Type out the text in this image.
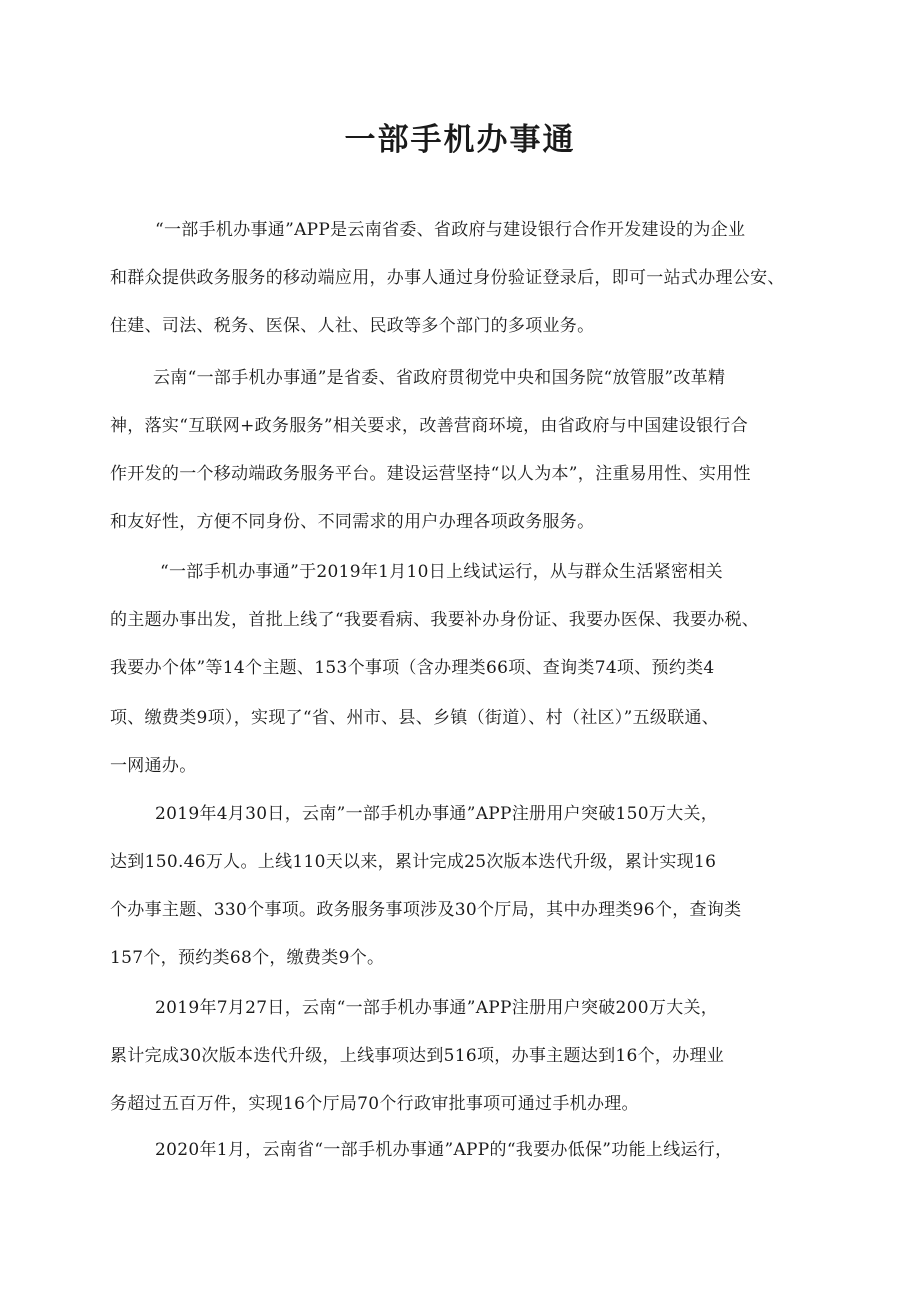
一部手机办事通
“一部手机办事通”APP是云南省委、省政府与建设银行合作开发建设的为企业
和群众提供政务服务的移动端应用，办事人通过身份验证登录后，即可一站式办理公安、
住建、司法、税务、医保、人社、民政等多个部门的多项业务。
云南“一部手机办事通”是省委、省政府贯彻党中央和国务院“放管服”改革精
神，落实“互联网+政务服务”相关要求，改善营商环境，由省政府与中国建设银行合
作开发的一个移动端政务服务平台。建设运营坚持“以人为本”，注重易用性、实用性
和友好性，方便不同身份、不同需求的用户办理各项政务服务。
“一部手机办事通”于2019年1月10日上线试运行，从与群众生活紧密相关
的主题办事出发，首批上线了“我要看病、我要补办身份证、我要办医保、我要办税、
我要办个体”等14个主题、153个事项（含办理类66项、查询类74项、预约类4
项、缴费类9项），实现了“省、州市、县、乡镇（街道）、村（社区）”五级联通、
一网通办。
2019年4月30日，云南”一部手机办事通”APP注册用户突破150万大关，
达到150.46万人。上线110天以来，累计完成25次版本迭代升级，累计实现16
个办事主题、330个事项。政务服务事项涉及30个厅局，其中办理类96个，查询类
157个，预约类68个，缴费类9个。
2019年7月27日，云南“一部手机办事通”APP注册用户突破200万大关，
累计完成30次版本迭代升级，上线事项达到516项，办事主题达到16个，办理业
务超过五百万件，实现16个厅局70个行政审批事项可通过手机办理。
2020年1月，云南省“一部手机办事通”APP的“我要办低保”功能上线运行，
